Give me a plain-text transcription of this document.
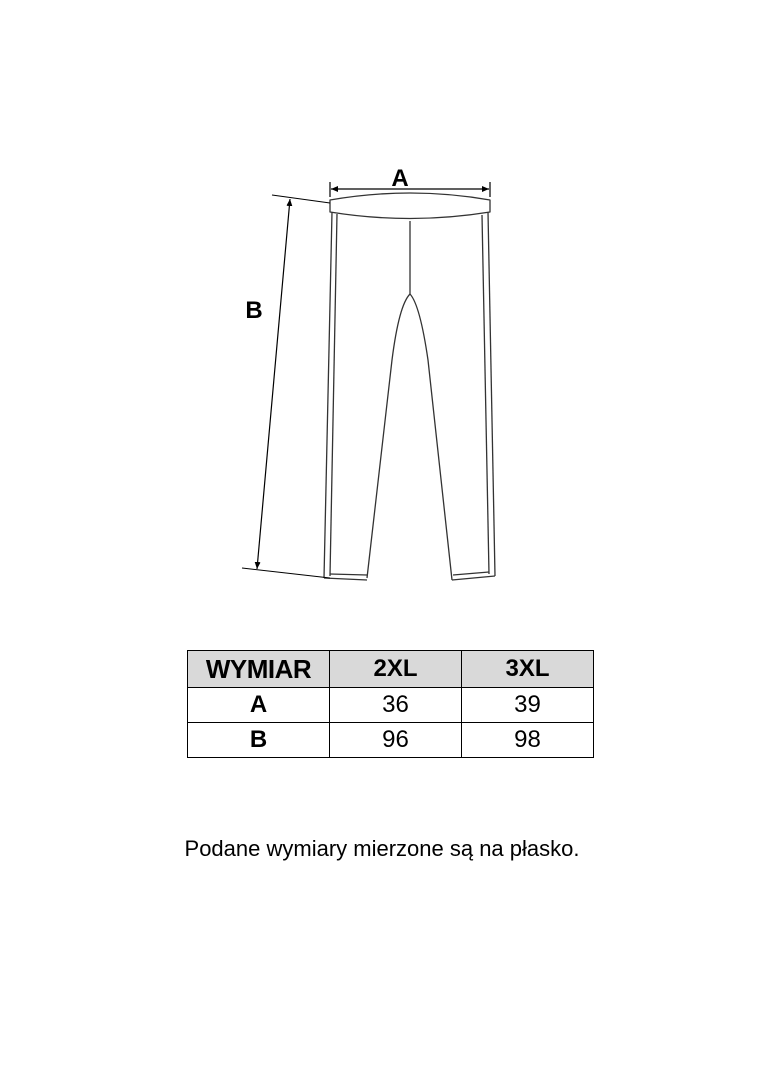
A
B
WYMIAR	2XL	3XL
A	36	39
B	96	98
Podane wymiary mierzone są na płasko.
